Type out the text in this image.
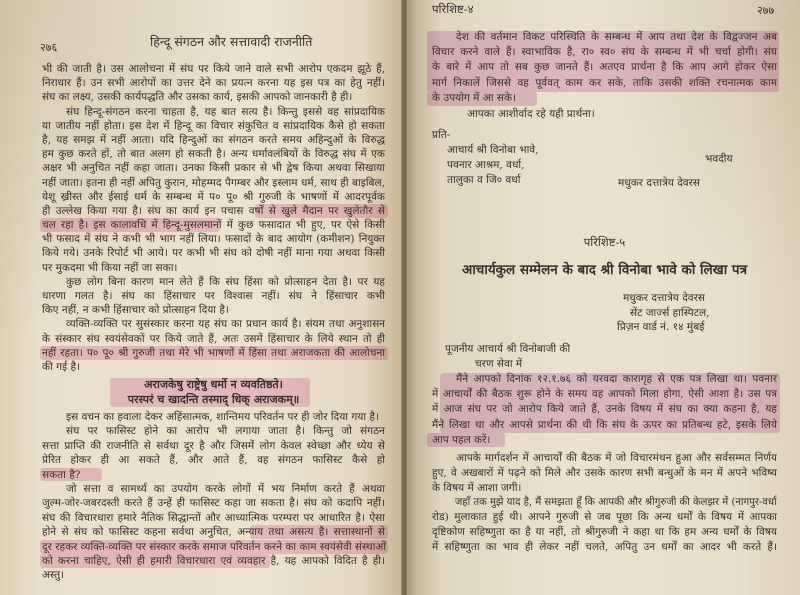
२७६	हिन्दू संगठन और सत्तावादी राजनीति
भी की जाती है। उस आलोचना में संघ पर किये जाने वाले सभी आरोप एकदम झूठे हैं,
निराधार हैं। उन सभी आरोपों का उत्तर देने का प्रयत्न करना यह इस पत्र का हेतु नहीं।
संघ का लक्ष्य, उसकी कार्यपद्धति और उसका कार्य, इसकी आपको जानकारी है ही।
संघ हिन्दू-संगठन करना चाहता है, यह बात सत्य है। किन्तु इससे वह सांप्रदायिक
या जातीय नहीं होता। इस देश में हिन्दू का विचार संकुचित व सांप्रदायिक कैसे हो सकता
है, यह समझ में नहीं आता। यदि हिन्दुओं का संगठन करते समय अहिन्दुओं के विरुद्ध
हम कुछ करते हों, तो बात अलग हो सकती है। अन्य धर्मावलंबियों के विरुद्ध संघ में एक
अक्षर भी अनुचित नहीं कहा जाता। उनका किसी प्रकार से भी द्वेष किया अथवा सिखाया
नहीं जाता। इतना ही नहीं अपितु कुरान, मोहम्मद पैगम्बर और इस्लाम धर्म, साथ ही बाइबिल,
येशू ख्रीस्त और ईसाई धर्म के सम्बन्ध में प० पू० श्री गुरुजी के भाषणों में आदरपूर्वक
ही उल्लेख किया गया है। संघ का कार्य इन पचास वर्षों से खुले मैदान पर खुलेतौर से
चल रहा है। इस कालावधि में हिन्दू-मुसलमानों में कुछ फसादात भी हुए, पर ऐसे किसी
भी फसाद में संघ ने कभी भी भाग नहीं लिया। फसादों के बाद आयोग (कमीशन) नियुक्त
किये गये। उनके रिपोर्ट भी आये। पर कभी भी संघ को दोषी नहीं माना गया अथवा किसी
पर मुकदमा भी किया नहीं जा सका।
कुछ लोग बिना कारण मान लेते हैं कि संघ हिंसा को प्रोत्साहन देता है। पर यह
धारणा गलत है। संघ का हिंसाचार पर विश्वास नहीं। संघ ने हिंसाचार कभी
किए नहीं, न कभी हिंसाचार को प्रोत्साहन दिया है।
व्यक्ति-व्यक्ति पर सुसंस्कार करना यह संघ का प्रधान कार्य है। संयम तथा अनुशासन
के संस्कार संघ स्वयंसेवकों पर किये जाते हैं, अतः उसमें हिंसाचार के लिये स्थान तो ही
नहीं रहता। प० पू० श्री गुरुजी तथा मेरे भी भाषणों में हिंसा तथा अराजकता की आलोचना
की गई है।
अराजकेषु राष्ट्रेषु धर्मो न व्यवतिष्ठते।
परस्परं च खादन्ति तस्माद् धिक् अराजकम्॥
इस वचन का हवाला देकर अहिंसात्मक, शान्तिमय परिवर्तन पर ही जोर दिया गया है।
संघ पर फासिस्ट होने का आरोप भी लगाया जाता है। किन्तु जो संगठन
सत्ता प्राप्ति की राजनीति से सर्वथा दूर है और जिसमें लोग केवल स्वेच्छा और ध्येय से
प्रेरित होकर ही आ सकते हैं, और आते हैं, वह संगठन फासिस्ट कैसे हो
सकता है?
जो सत्ता व सामर्थ्य का उपयोग करके लोगों में भय निर्माण करते हैं अथवा
जुल्म-जोर-जबरदस्ती करते हैं उन्हें ही फासिस्ट कहा जा सकता है। संघ को कदापि नहीं।
संघ की विचारधारा हमारे नैतिक सिद्धान्तों और आध्यात्मिक परम्परा पर आधारित है। ऐसा
होने से संघ को फासिस्ट कहना सर्वथा अनुचित, अन्याय तथा असत्य है। सत्तास्थानों से
दूर रहकर व्यक्ति-व्यक्ति पर संस्कार करके समाज परिवर्तन करने का काम स्वयंसेवी संस्थाओं
को करना चाहिए, ऐसी ही हमारी विचारधारा एवं व्यवहार है, यह आपको विदित है ही।
अस्तु।
परिशिष्ट-४	२७७
देश की वर्तमान विकट परिस्थिति के सम्बन्ध में आप तथा देश के विद्वज्जन अब
विचार करने वाले हैं। स्वाभाविक है, रा० स्व० संघ के सम्बन्ध में भी चर्चा होगी। संघ
के बारे में आप तो सब कुछ जानते हैं। अतएव प्रार्थना है कि आप आगे होकर ऐसा
मार्ग निकालें जिससे वह पूर्ववत् काम कर सके, ताकि उसकी शक्ति रचनात्मक काम
के उपयोग में आ सके।
आपका आशीर्वाद रहे यही प्रार्थना।
प्रति-
आचार्य श्री विनोबा भावे,
पवनार आश्रम, वर्धा,
तालुका व जि० वर्धा
भवदीय
मधुकर दत्तात्रेय देवरस
परिशिष्ट-५
आचार्यकुल सम्मेलन के बाद श्री विनोबा भावे को लिखा पत्र
मधुकर दत्तात्रेय देवरस
सेंट जार्ज्स हास्पिटल,
प्रिज़न वार्ड नं. १४ मुंबई
पूजनीय आचार्य श्री विनोबाजी की
चरण सेवा में
मैंने आपको दिनांक १२.१.७६ को यरवदा कारागृह से एक पत्र लिखा था। पवनार
में आचार्यों की बैठक शुरू होने के समय वह आपको मिला होगा, ऐसी आशा है। उस पत्र
में आज संघ पर जो आरोप किये जाते हैं, उनके विषय में संघ का क्या कहना है, यह
मैंने लिखा था और आपसे प्रार्थना की थी कि संघ के ऊपर का प्रतिबन्ध हटे, इसके लिये
आप पहल करें।
आपके मार्गदर्शन में आचार्यों की बैठक में जो विचारमंथन हुआ और सर्वसम्मत निर्णय
हुए, वे अखबारों में पढ़ने को मिले और उसके कारण सभी बन्धुओं के मन में अपने भविष्य
के विषय में आशा जगी।
जहाँ तक मुझे याद है, मैं समझता हूँ कि आपकी और श्रीगुरुजी की केलझर में (नागपुर-वर्धा
रोड) मुलाकात हुई थी। आपने गुरुजी से जब पूछा कि अन्य धर्मों के विषय में आपका
दृष्टिकोण सहिष्णुता का है या नहीं, तो श्रीगुरुजी ने कहा था कि हम अन्य धर्मों के विषय
में सहिष्णुता का भाव ही लेकर नहीं चलते, अपितु उन धर्मों का आदर भी करते हैं।
